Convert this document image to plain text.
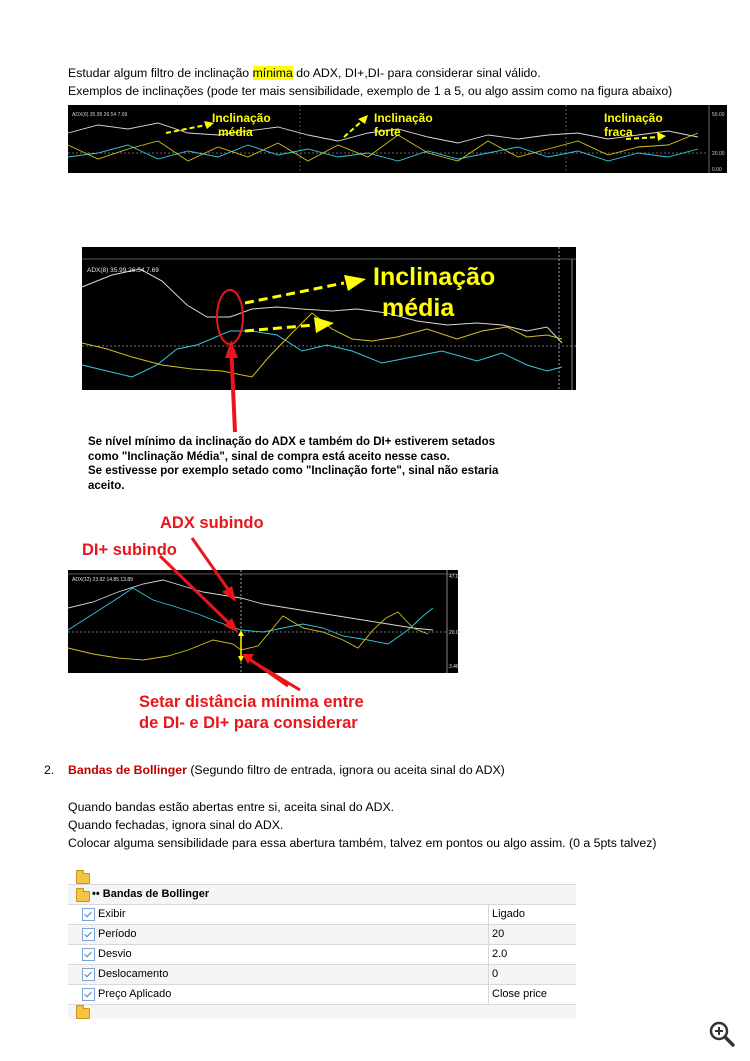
Estudar algum filtro de inclinação mínima do ADX, DI+,DI- para considerar sinal válido.
Exemplos de inclinações (pode ter mais sensibilidade, exemplo de 1 a 5, ou algo assim como na figura abaixo)
ADX(8) 35.99 26.54 7.69	50.00
20.00
0.00
Inclinação
média
Inclinação
forte
Inclinação
fraca
ADX(8) 35.99 26.54 7.69	Inclinação
média
Se nível mínimo da inclinação do ADX e também do DI+ estiverem setados
como "Inclinação Média", sinal de compra está aceito nesse caso.
Se estivesse por exemplo setado como "Inclinação forte", sinal não estaria
aceito.
ADX subindo
DI+ subindo
ADX(12) 23.92 14.85 13.89	47.00
20.00
3.46
Setar distância mínima entre
de DI- e DI+ para considerar
2. Bandas de Bollinger (Segundo filtro de entrada, ignora ou aceita sinal do ADX)
Quando bandas estão abertas entre si, aceita sinal do ADX.
Quando fechadas, ignora sinal do ADX.
Colocar alguma sensibilidade para essa abertura também, talvez em pontos ou algo assim. (0 a 5pts talvez)
•• Bandas de Bollinger
Exibir	Ligado
Período	20
Desvio	2.0
Deslocamento	0
Preço Aplicado	Close price
